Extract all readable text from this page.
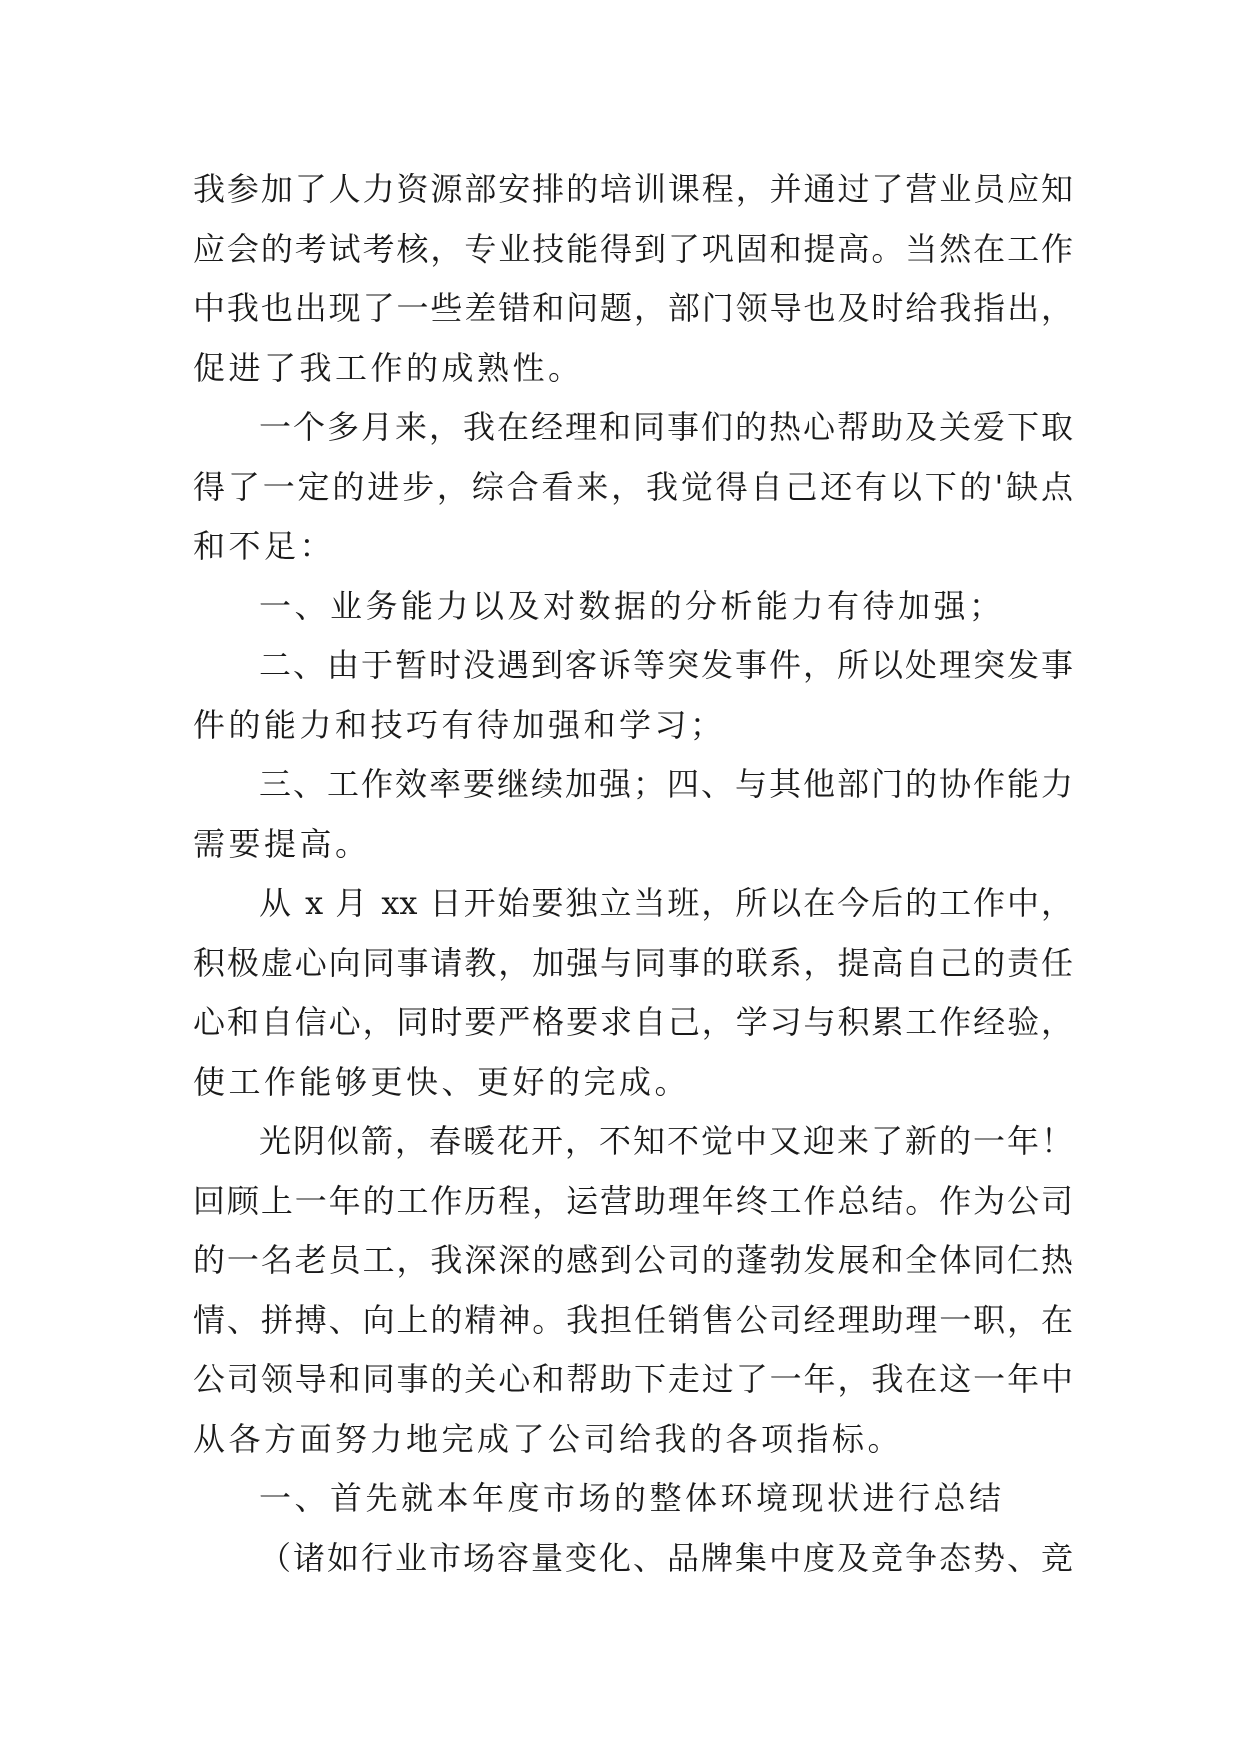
我参加了人力资源部安排的培训课程，并通过了营业员应知
应会的考试考核，专业技能得到了巩固和提高。当然在工作
中我也出现了一些差错和问题，部门领导也及时给我指出，
促进了我工作的成熟性。
一个多月来，我在经理和同事们的热心帮助及关爱下取
得了一定的进步，综合看来，我觉得自己还有以下的'缺点
和不足：
一、业务能力以及对数据的分析能力有待加强；
二、由于暂时没遇到客诉等突发事件，所以处理突发事
件的能力和技巧有待加强和学习；
三、工作效率要继续加强；四、与其他部门的协作能力
需要提高。
从 x 月 xx 日开始要独立当班，所以在今后的工作中，
积极虚心向同事请教，加强与同事的联系，提高自己的责任
心和自信心，同时要严格要求自己，学习与积累工作经验，
使工作能够更快、更好的完成。
光阴似箭，春暖花开，不知不觉中又迎来了新的一年！
回顾上一年的工作历程，运营助理年终工作总结。作为公司
的一名老员工，我深深的感到公司的蓬勃发展和全体同仁热
情、拼搏、向上的精神。我担任销售公司经理助理一职，在
公司领导和同事的关心和帮助下走过了一年，我在这一年中
从各方面努力地完成了公司给我的各项指标。
一、首先就本年度市场的整体环境现状进行总结
（诸如行业市场容量变化、品牌集中度及竞争态势、竞
